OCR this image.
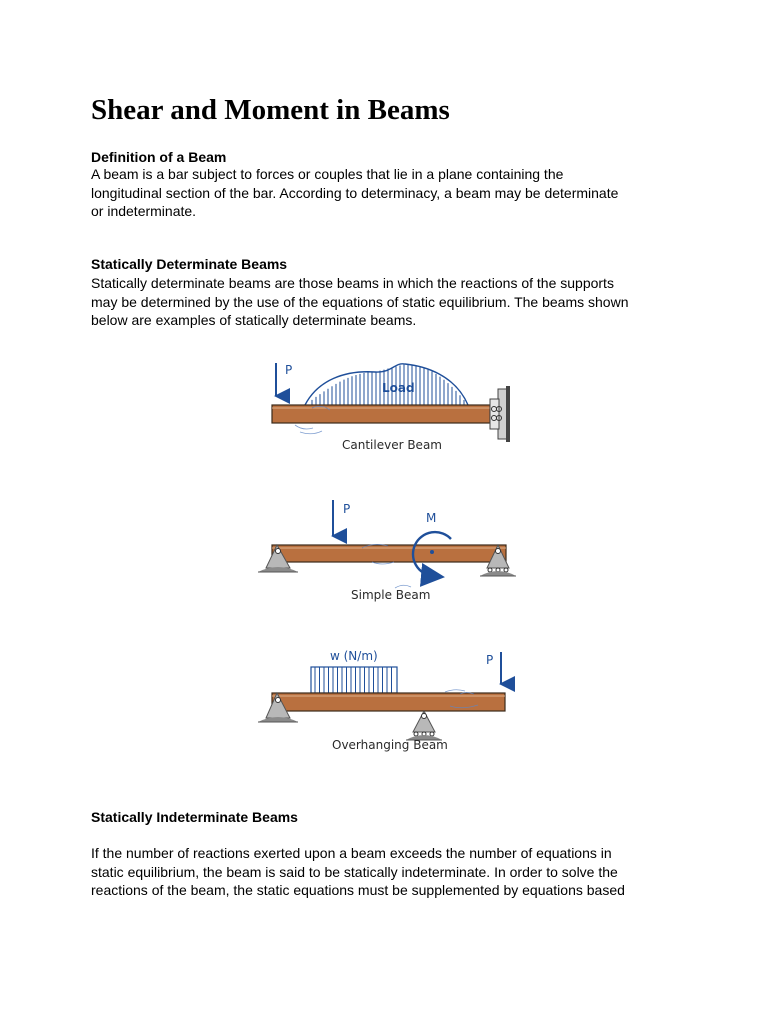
Shear and Moment in Beams

Definition of a Beam

A beam is a bar subject to forces or couples that lie in a plane containing the
longitudinal section of the bar. According to determinacy, a beam may be determinate
or indeterminate.

Statically Determinate Beams

Statically determinate beams are those beams in which the reactions of the supports
may be determined by the use of the equations of static equilibrium. The beams shown
below are examples of statically determinate beams.

Statically Indeterminate Beams

If the number of reactions exerted upon a beam exceeds the number of equations in
static equilibrium, the beam is said to be statically indeterminate. In order to solve the
reactions of the beam, the static equations must be supplemented by equations based
Load
P
Cantilever Beam
P
M
Simple Beam
w (N/m)	P
Overhanging Beam
